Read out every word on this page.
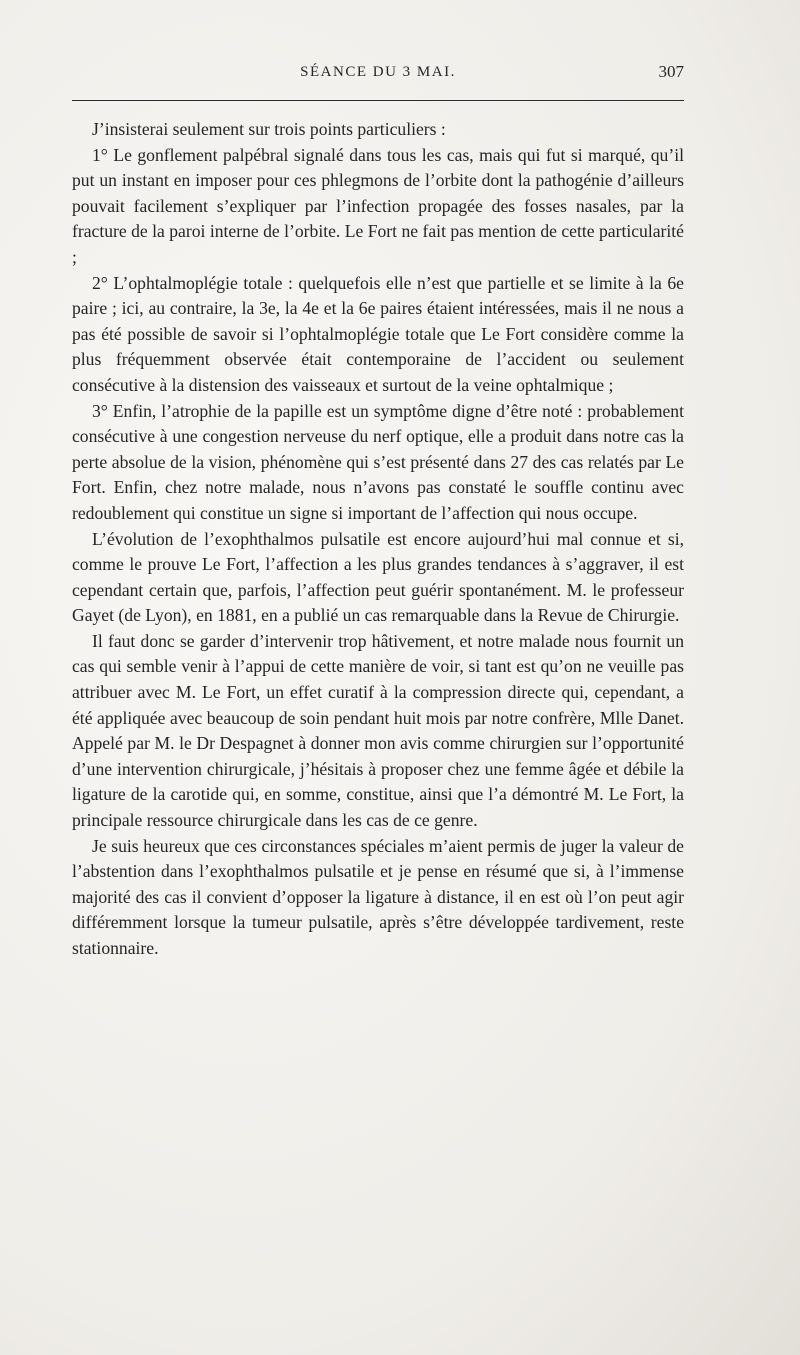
SÉANCE DU 3 MAI.	307

J’insisterai seulement sur trois points particuliers :

1° Le gonflement palpébral signalé dans tous les cas, mais qui fut si marqué, qu’il put un instant en imposer pour ces phlegmons de l’orbite dont la pathogénie d’ailleurs pouvait facilement s’expliquer par l’infection propagée des fosses nasales, par la fracture de la paroi interne de l’orbite. Le Fort ne fait pas mention de cette particularité ;

2° L’ophtalmoplégie totale : quelquefois elle n’est que partielle et se limite à la 6e paire ; ici, au contraire, la 3e, la 4e et la 6e paires étaient intéressées, mais il ne nous a pas été possible de savoir si l’ophtalmoplégie totale que Le Fort considère comme la plus fréquemment observée était contemporaine de l’accident ou seulement consécutive à la distension des vaisseaux et surtout de la veine ophtalmique ;

3° Enfin, l’atrophie de la papille est un symptôme digne d’être noté : probablement consécutive à une congestion nerveuse du nerf optique, elle a produit dans notre cas la perte absolue de la vision, phénomène qui s’est présenté dans 27 des cas relatés par Le Fort. Enfin, chez notre malade, nous n’avons pas constaté le souffle continu avec redoublement qui constitue un signe si important de l’affection qui nous occupe.

L’évolution de l’exophthalmos pulsatile est encore aujourd’hui mal connue et si, comme le prouve Le Fort, l’affection a les plus grandes tendances à s’aggraver, il est cependant certain que, parfois, l’affection peut guérir spontanément. M. le professeur Gayet (de Lyon), en 1881, en a publié un cas remarquable dans la Revue de Chirurgie.

Il faut donc se garder d’intervenir trop hâtivement, et notre malade nous fournit un cas qui semble venir à l’appui de cette manière de voir, si tant est qu’on ne veuille pas attribuer avec M. Le Fort, un effet curatif à la compression directe qui, cependant, a été appliquée avec beaucoup de soin pendant huit mois par notre confrère, Mlle Danet. Appelé par M. le Dr Despagnet à donner mon avis comme chirurgien sur l’opportunité d’une intervention chirurgicale, j’hésitais à proposer chez une femme âgée et débile la ligature de la carotide qui, en somme, constitue, ainsi que l’a démontré M. Le Fort, la principale ressource chirurgicale dans les cas de ce genre.

Je suis heureux que ces circonstances spéciales m’aient permis de juger la valeur de l’abstention dans l’exophthalmos pulsatile et je pense en résumé que si, à l’immense majorité des cas il convient d’opposer la ligature à distance, il en est où l’on peut agir différemment lorsque la tumeur pulsatile, après s’être développée tardivement, reste stationnaire.
